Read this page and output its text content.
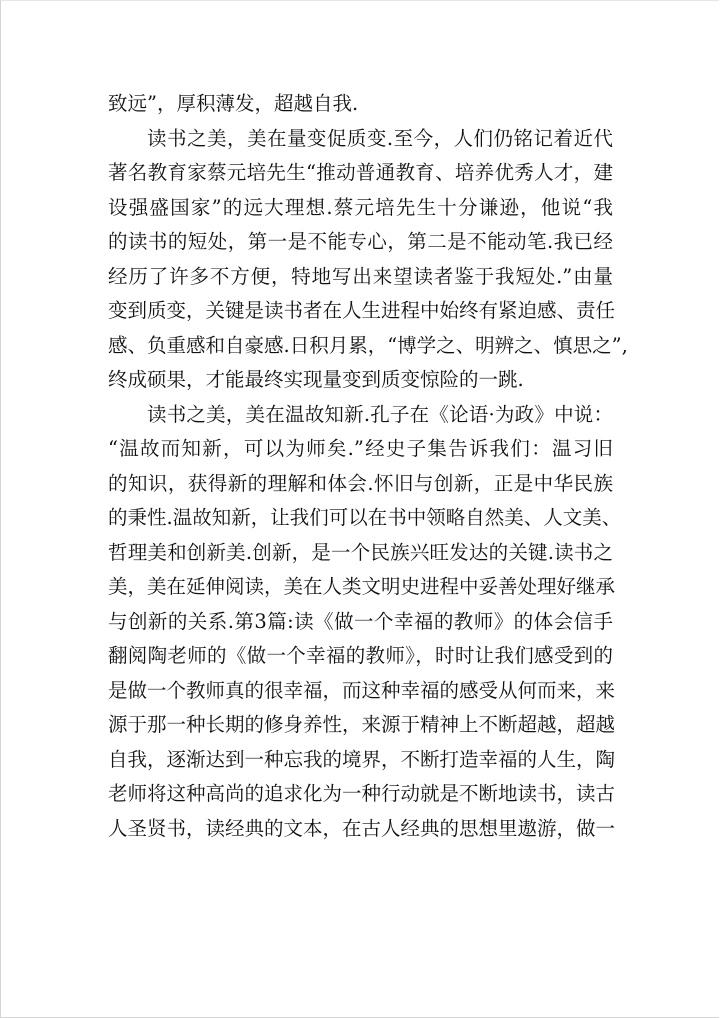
致远”，厚积薄发，超越自我.
读书之美，美在量变促质变.至今，人们仍铭记着近代
著名教育家蔡元培先生“推动普通教育、培养优秀人才，建
设强盛国家”的远大理想.蔡元培先生十分谦逊，他说“我
的读书的短处，第一是不能专心，第二是不能动笔.我已经
经历了许多不方便，特地写出来望读者鉴于我短处.”由量
变到质变，关键是读书者在人生进程中始终有紧迫感、责任
感、负重感和自豪感.日积月累，“博学之、明辨之、慎思之”,
终成硕果，才能最终实现量变到质变惊险的一跳.
读书之美，美在温故知新.孔子在《论语·为政》中说：
“温故而知新，可以为师矣.”经史子集告诉我们：温习旧
的知识，获得新的理解和体会.怀旧与创新，正是中华民族
的秉性.温故知新，让我们可以在书中领略自然美、人文美、
哲理美和创新美.创新，是一个民族兴旺发达的关键.读书之
美，美在延伸阅读，美在人类文明史进程中妥善处理好继承
与创新的关系.第3篇:读《做一个幸福的教师》的体会信手
翻阅陶老师的《做一个幸福的教师》，时时让我们感受到的
是做一个教师真的很幸福，而这种幸福的感受从何而来，来
源于那一种长期的修身养性，来源于精神上不断超越，超越
自我，逐渐达到一种忘我的境界，不断打造幸福的人生，陶
老师将这种高尚的追求化为一种行动就是不断地读书，读古
人圣贤书，读经典的文本，在古人经典的思想里遨游，做一
